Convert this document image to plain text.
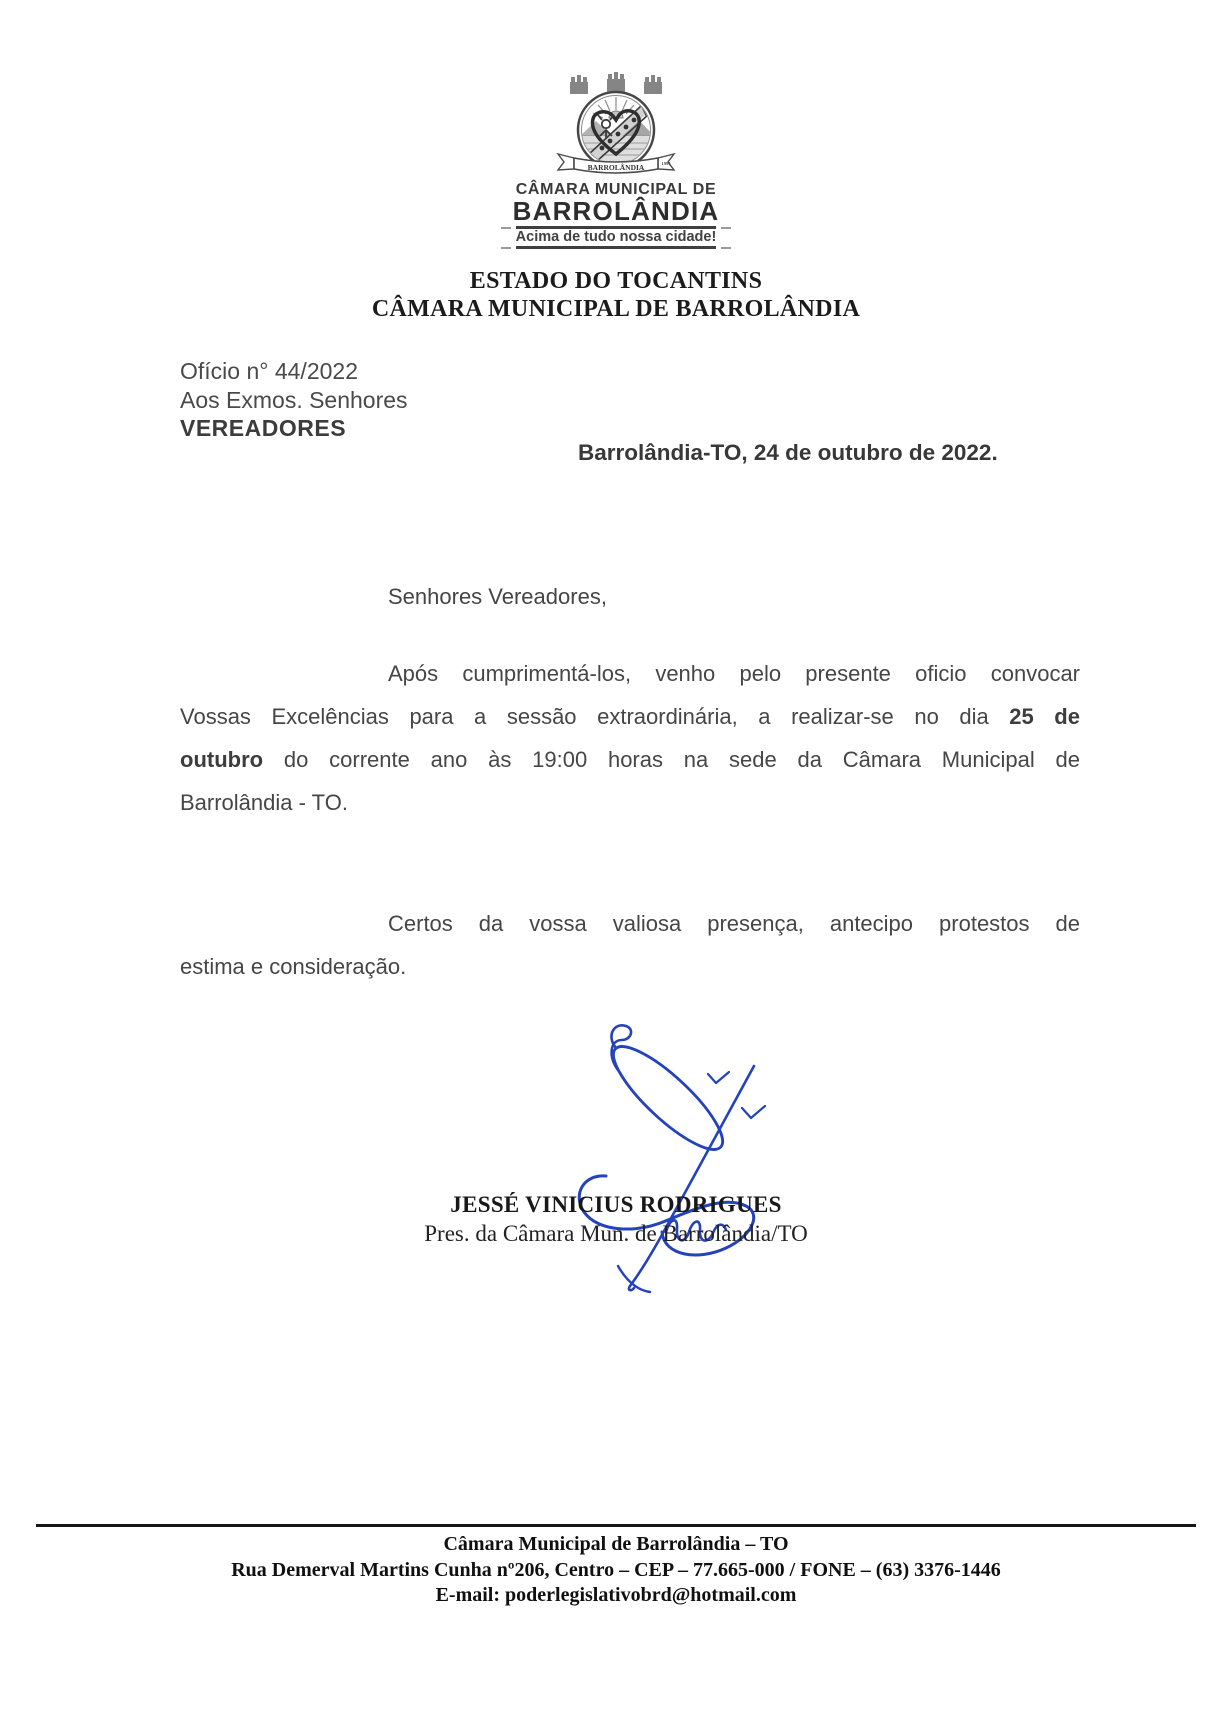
BARROLÂNDIA	1990
CÂMARA MUNICIPAL DE
BARROLÂNDIA
Acima de tudo nossa cidade!
ESTADO DO TOCANTINS
CÂMARA MUNICIPAL DE BARROLÂNDIA
Ofício n° 44/2022
Aos Exmos. Senhores
VEREADORES
Barrolândia-TO, 24 de outubro de 2022.
Senhores Vereadores,
Após cumprimentá-los, venho pelo presente oficio convocar
Vossas Excelências para a sessão extraordinária, a realizar-se no dia 25 de
outubro do corrente ano às 19:00 horas na sede da Câmara Municipal de
Barrolândia - TO.
Certos da vossa valiosa presença, antecipo protestos de
estima e consideração.
JESSÉ VINICIUS RODRIGUES
Pres. da Câmara Mun. de Barrolândia/TO
Câmara Municipal de Barrolândia – TO
Rua Demerval Martins Cunha nº206, Centro – CEP – 77.665-000 / FONE – (63) 3376-1446
E-mail: poderlegislativobrd@hotmail.com
